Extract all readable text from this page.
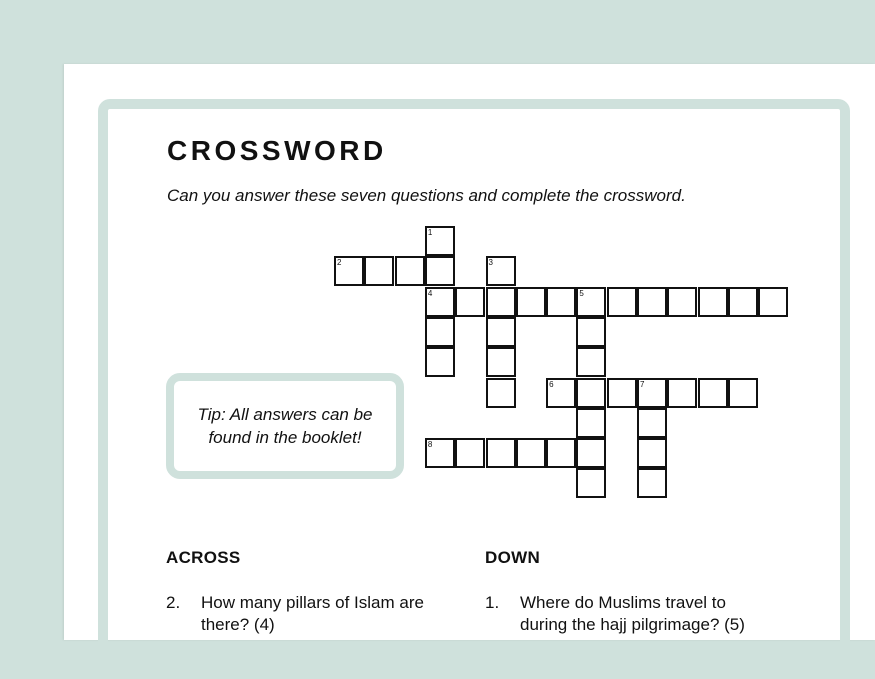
CROSSWORD
Can you answer these seven questions and complete the crossword.
1
2	3
4	5
6	7
8
Tip: All answers can be
found in the booklet!
ACROSS	DOWN
2. How many pillars of Islam are
there? (4)
1. Where do Muslims travel to
during the hajj pilgrimage? (5)
